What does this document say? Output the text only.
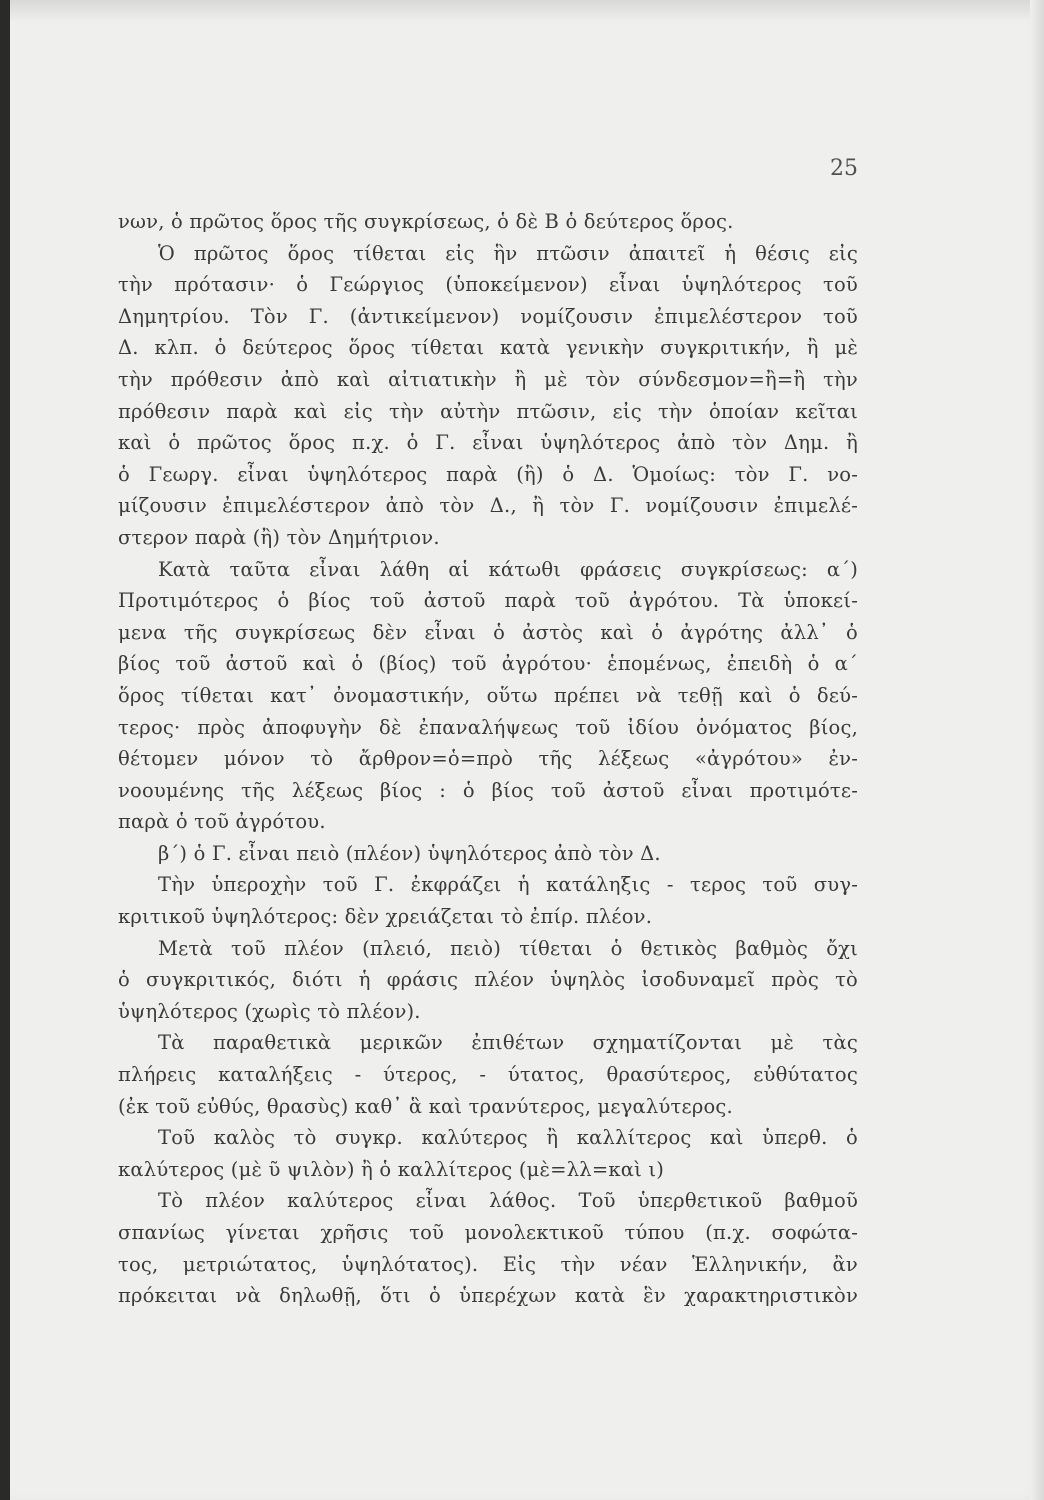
25
νων, ὁ πρῶτος ὅρος τῆς συγκρίσεως, ὁ δὲ Β ὁ δεύτερος ὅρος.
Ὁ πρῶτος ὅρος τίθεται εἰς ἣν πτῶσιν ἀπαιτεῖ ἡ θέσις εἰς
τὴν πρότασιν· ὁ Γεώργιος (ὑποκείμενον) εἶναι ὑψηλότερος τοῦ
Δημητρίου. Τὸν Γ. (ἀντικείμενον) νομίζουσιν ἐπιμελέστερον τοῦ
Δ. κλπ. ὁ δεύτερος ὅρος τίθεται κατὰ γενικὴν συγκριτικήν, ἢ μὲ
τὴν πρόθεσιν ἀπὸ καὶ αἰτιατικὴν ἢ μὲ τὸν σύνδεσμον=ἢ=ἢ τὴν
πρόθεσιν παρὰ καὶ εἰς τὴν αὐτὴν πτῶσιν, εἰς τὴν ὁποίαν κεῖται
καὶ ὁ πρῶτος ὅρος π.χ. ὁ Γ. εἶναι ὑψηλότερος ἀπὸ τὸν Δημ. ἢ
ὁ Γεωργ. εἶναι ὑψηλότερος παρὰ (ἢ) ὁ Δ. Ὁμοίως: τὸν Γ. νο-
μίζουσιν ἐπιμελέστερον ἀπὸ τὸν Δ., ἢ τὸν Γ. νομίζουσιν ἐπιμελέ-
στερον παρὰ (ἢ) τὸν Δημήτριον.
Κατὰ ταῦτα εἶναι λάθη αἱ κάτωθι φράσεις συγκρίσεως: α΄)
Προτιμότερος ὁ βίος τοῦ ἀστοῦ παρὰ τοῦ ἀγρότου. Τὰ ὑποκεί-
μενα τῆς συγκρίσεως δὲν εἶναι ὁ ἀστὸς καὶ ὁ ἀγρότης ἀλλ᾽ ὁ
βίος τοῦ ἀστοῦ καὶ ὁ (βίος) τοῦ ἀγρότου· ἑπομένως, ἐπειδὴ ὁ α΄
ὅρος τίθεται κατ᾽ ὀνομαστικήν, οὕτω πρέπει νὰ τεθῇ καὶ ὁ δεύ-
τερος· πρὸς ἀποφυγὴν δὲ ἐπαναλήψεως τοῦ ἰδίου ὀνόματος βίος,
θέτομεν μόνον τὸ ἄρθρον=ὁ=πρὸ τῆς λέξεως «ἀγρότου» ἐν-
νοουμένης τῆς λέξεως βίος : ὁ βίος τοῦ ἀστοῦ εἶναι προτιμότε-
παρὰ ὁ τοῦ ἀγρότου.
β΄) ὁ Γ. εἶναι πειὸ (πλέον) ὑψηλότερος ἀπὸ τὸν Δ.
Τὴν ὑπεροχὴν τοῦ Γ. ἐκφράζει ἡ κατάληξις - τερος τοῦ συγ-
κριτικοῦ ὑψηλότερος: δὲν χρειάζεται τὸ ἐπίρ. πλέον.
Μετὰ τοῦ πλέον (πλειό, πειὸ) τίθεται ὁ θετικὸς βαθμὸς ὄχι
ὁ συγκριτικός, διότι ἡ φράσις πλέον ὑψηλὸς ἰσοδυναμεῖ πρὸς τὸ
ὑψηλότερος (χωρὶς τὸ πλέον).
Τὰ παραθετικὰ μερικῶν ἐπιθέτων σχηματίζονται μὲ τὰς
πλήρεις καταλήξεις - ύτερος, - ύτατος, θρασύτερος, εὐθύτατος
(ἐκ τοῦ εὐθύς, θρασὺς) καθ᾽ ἃ καὶ τρανύτερος, μεγαλύτερος.
Τοῦ καλὸς τὸ συγκρ. καλύτερος ἢ καλλίτερος καὶ ὑπερθ. ὁ
καλύτερος (μὲ ῦ ψιλὸν) ἢ ὁ καλλίτερος (μὲ=λλ=καὶ ι)
Τὸ πλέον καλύτερος εἶναι λάθος. Τοῦ ὑπερθετικοῦ βαθμοῦ
σπανίως γίνεται χρῆσις τοῦ μονολεκτικοῦ τύπου (π.χ. σοφώτα-
τος, μετριώτατος, ὑψηλότατος). Εἰς τὴν νέαν Ἑλληνικήν, ἂν
πρόκειται νὰ δηλωθῇ, ὅτι ὁ ὑπερέχων κατὰ ἓν χαρακτηριστικὸν
